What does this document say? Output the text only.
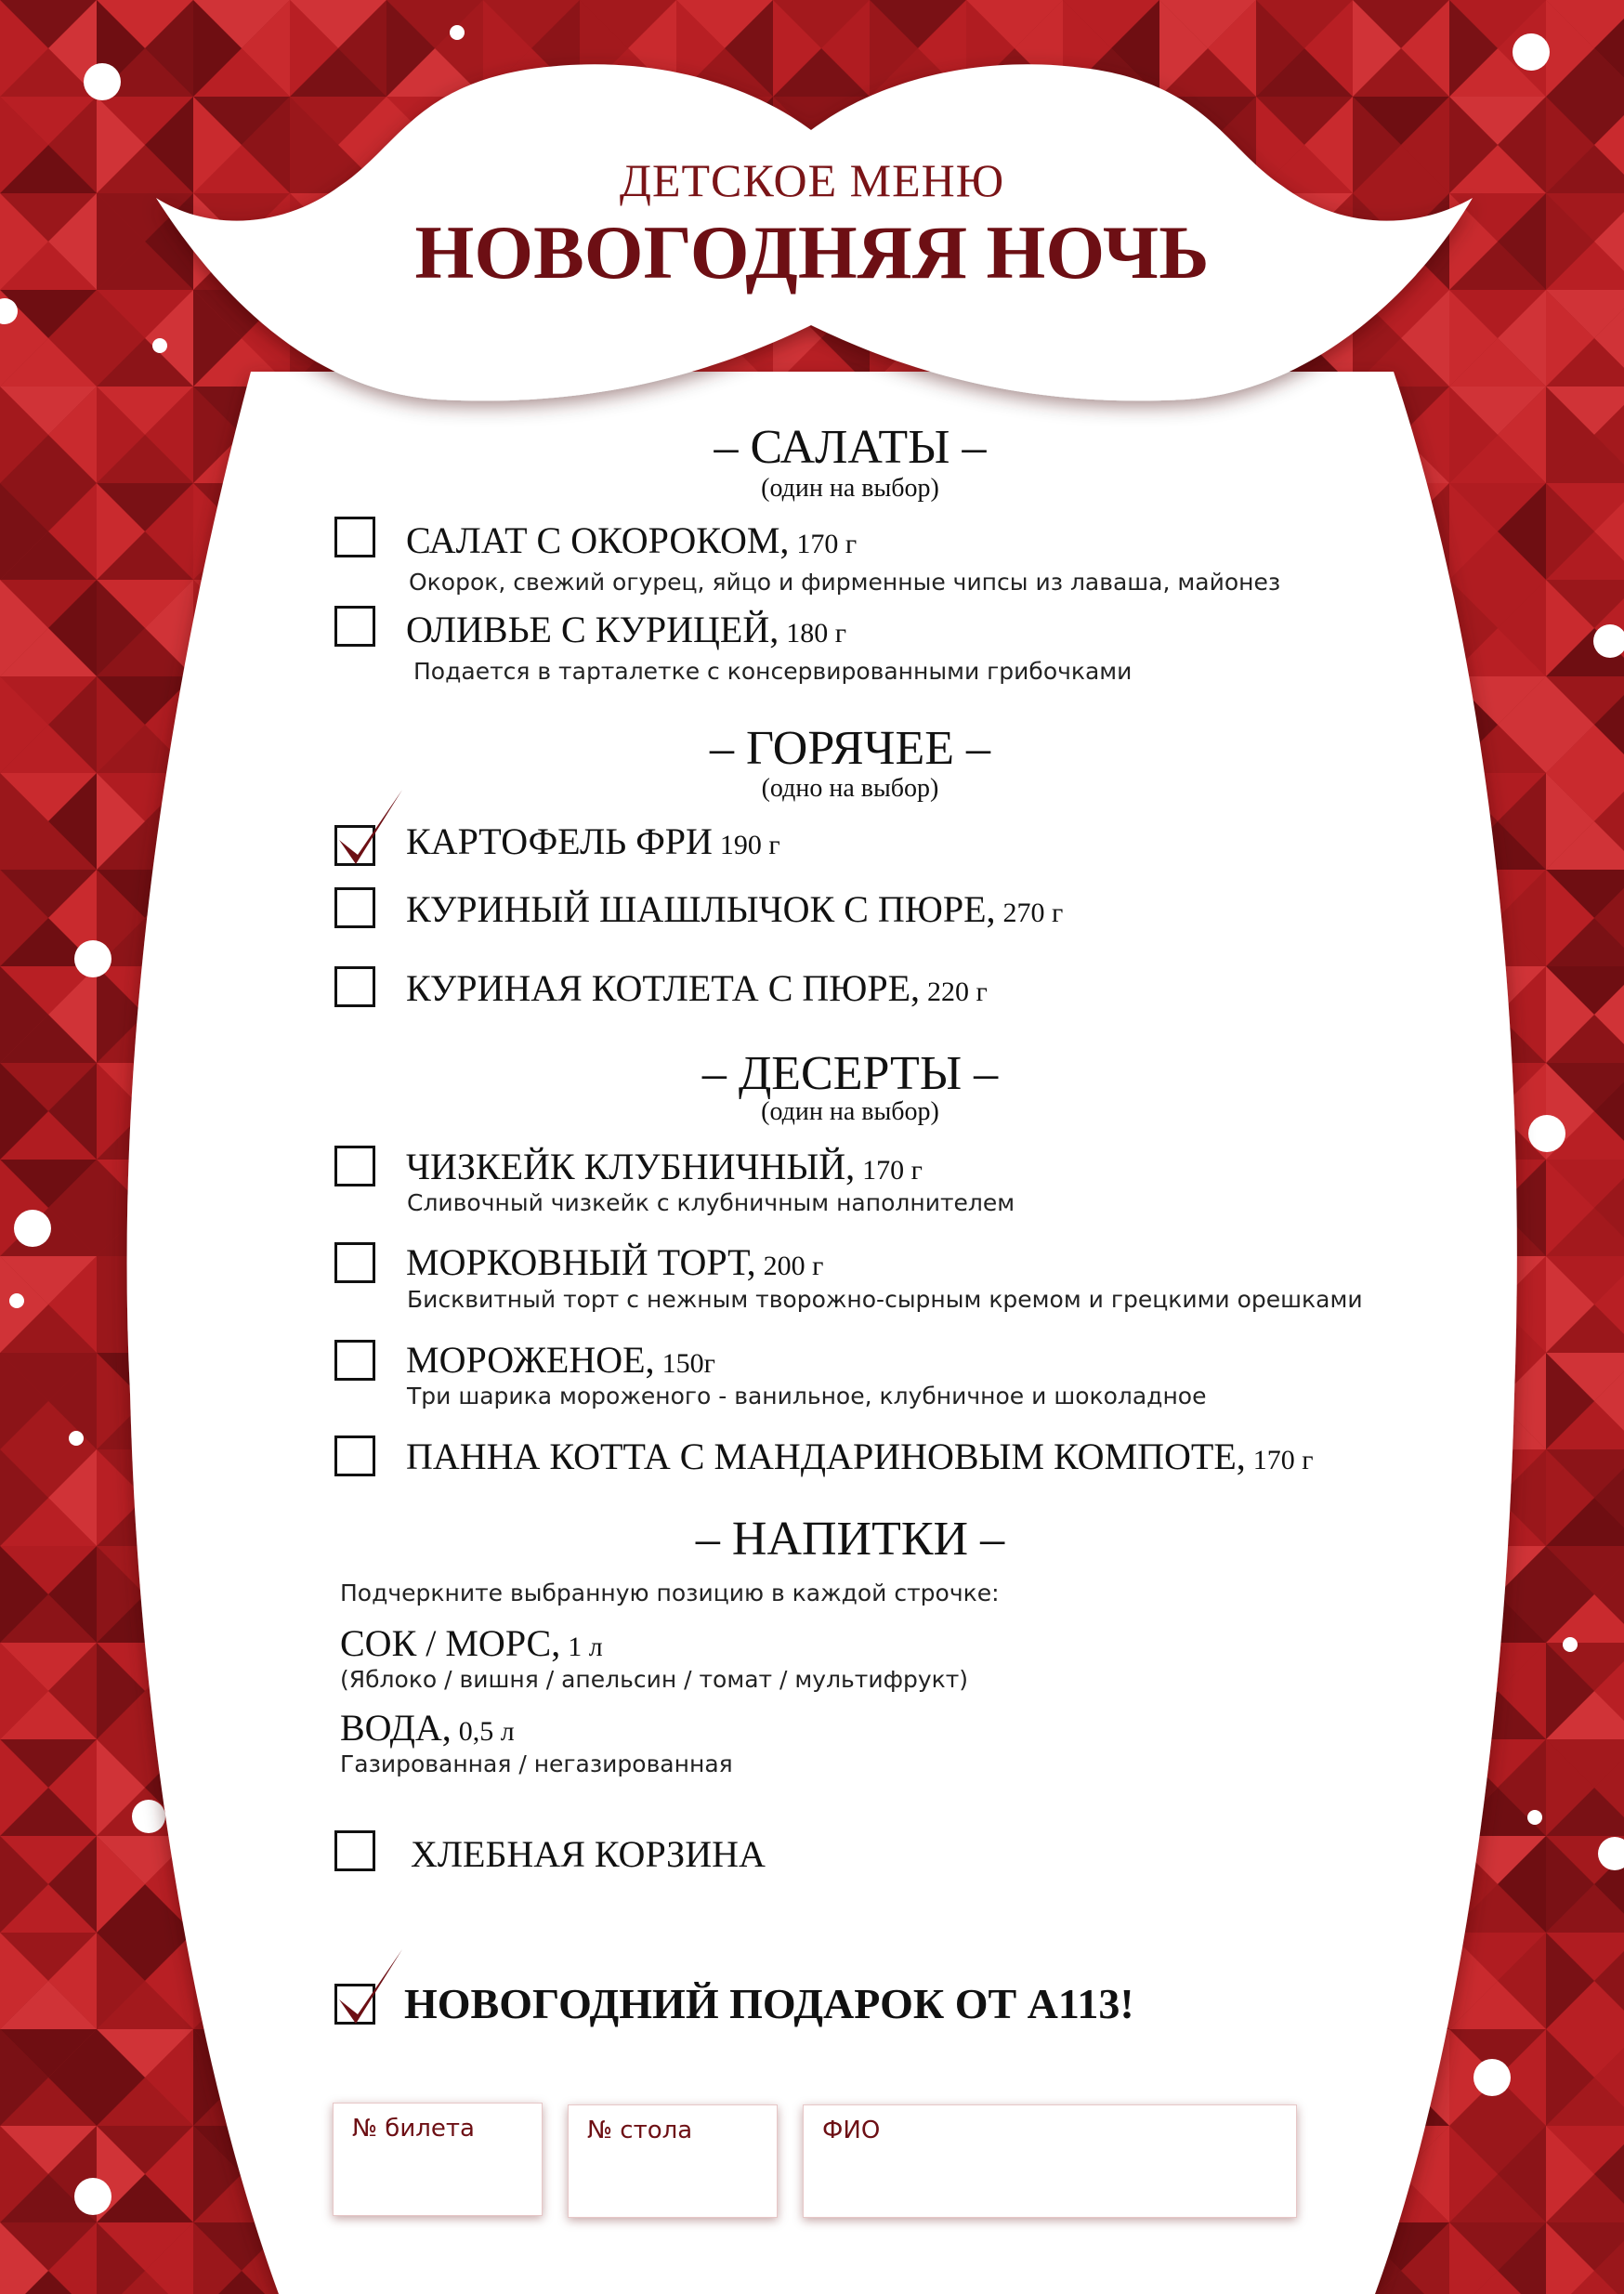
ДЕТСКОЕ МЕНЮ
НОВОГОДНЯЯ НОЧЬ
– САЛАТЫ –
(один на выбор)
САЛАТ С ОКОРОКОМ, 170 г
Окорок, свежий огурец, яйцо и фирменные чипсы из лаваша, майонез
ОЛИВЬЕ С КУРИЦЕЙ, 180 г
Подается в тарталетке с консервированными грибочками
– ГОРЯЧЕЕ –
(одно на выбор)
КАРТОФЕЛЬ ФРИ 190 г
КУРИНЫЙ ШАШЛЫЧОК С ПЮРЕ, 270 г
КУРИНАЯ КОТЛЕТА С ПЮРЕ, 220 г
– ДЕСЕРТЫ –
(один на выбор)
ЧИЗКЕЙК КЛУБНИЧНЫЙ, 170 г
Сливочный чизкейк с клубничным наполнителем
МОРКОВНЫЙ ТОРТ, 200 г
Бисквитный торт с нежным творожно-сырным кремом и грецкими орешками
МОРОЖЕНОЕ, 150г
Три шарика мороженого - ванильное, клубничное и шоколадное
ПАННА КОТТА С МАНДАРИНОВЫМ КОМПОТЕ, 170 г
– НАПИТКИ –
Подчеркните выбранную позицию в каждой строчке:
СОК / МОРС, 1 л
(Яблоко / вишня / апельсин / томат / мультифрукт)
ВОДА, 0,5 л
Газированная / негазированная
ХЛЕБНАЯ КОРЗИНА
НОВОГОДНИЙ ПОДАРОК ОТ А113!
№ билета	№ стола	ФИО
